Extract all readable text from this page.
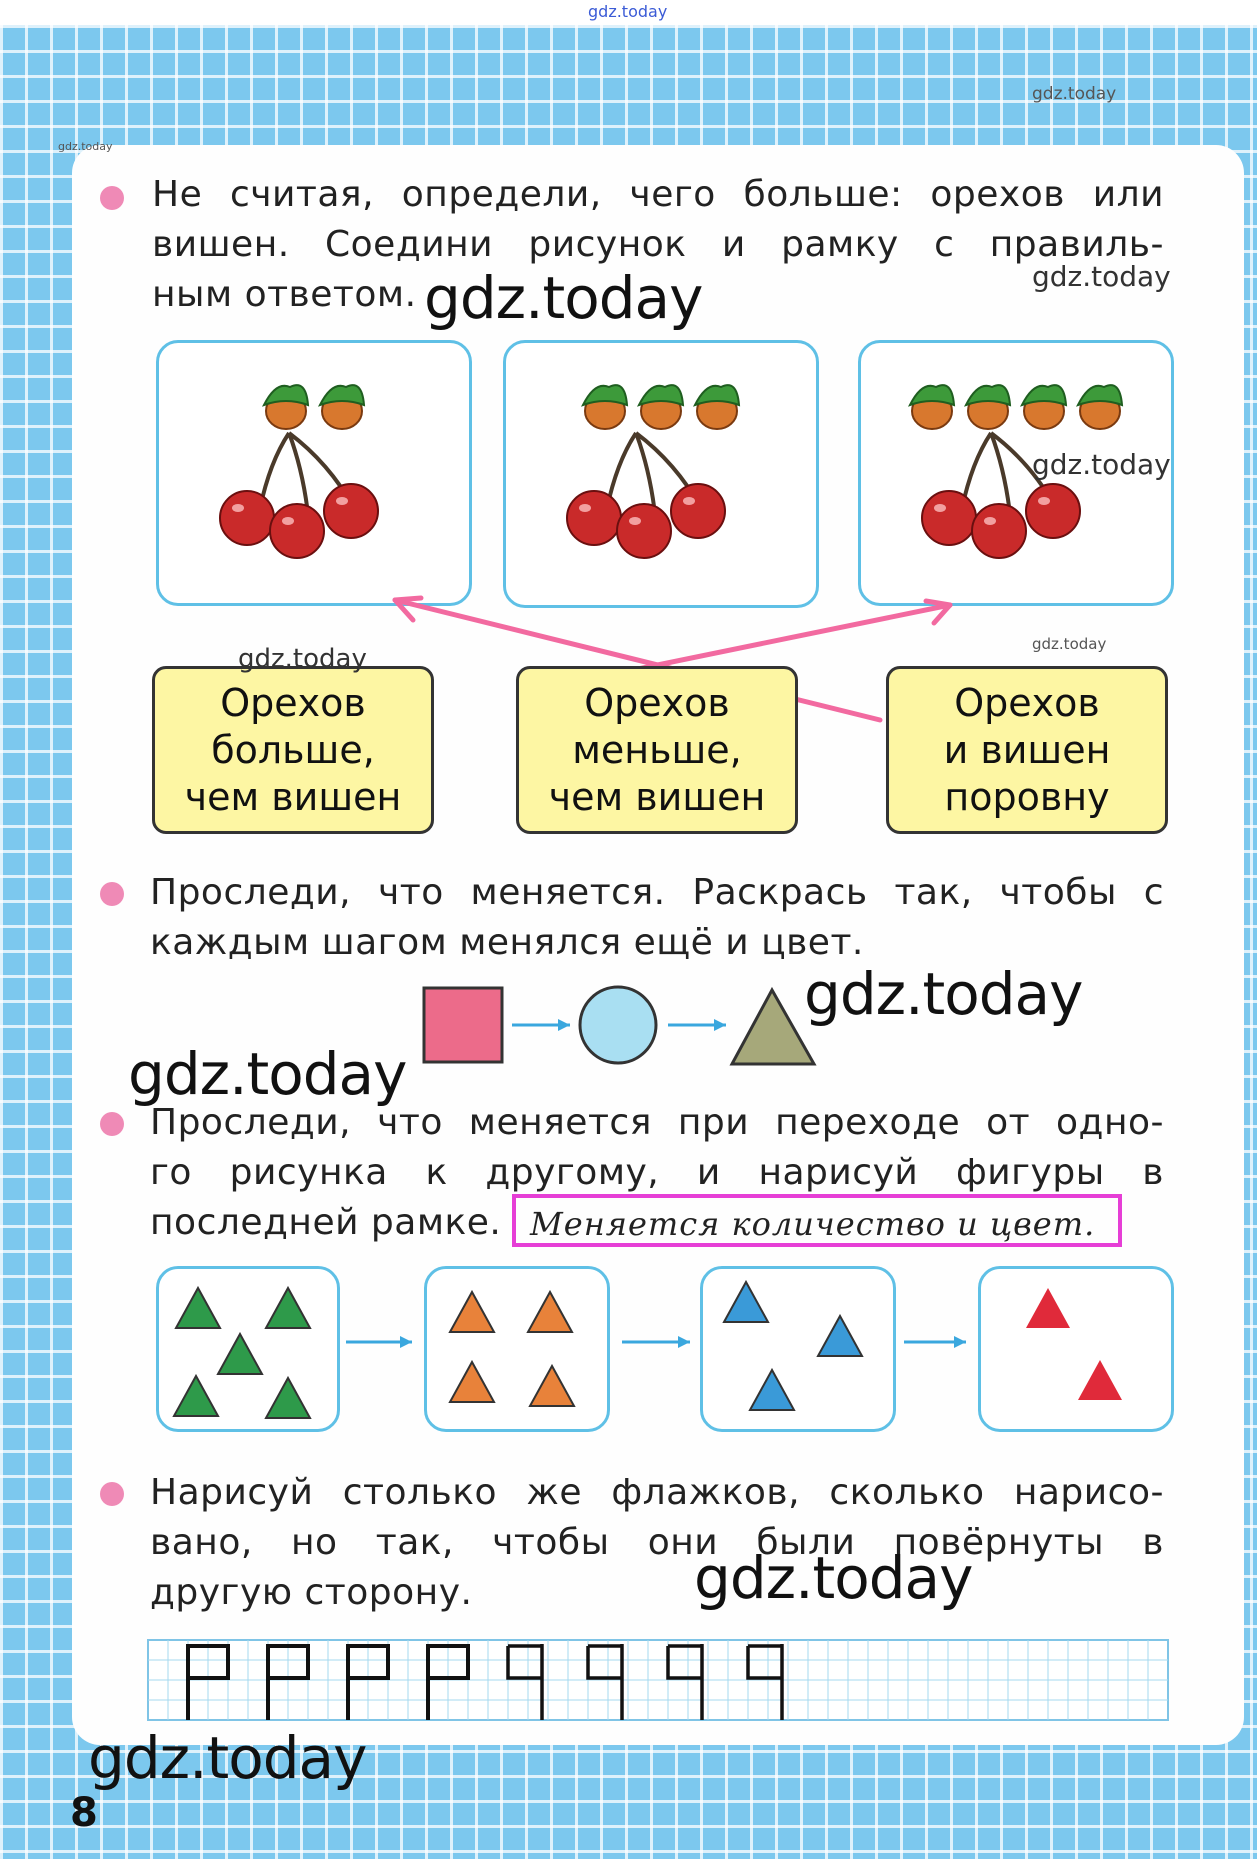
gdz.today
gdz.today
gdz.today
gdz.today

Не считая, определи, чего больше: орехов или

вишен. Соедини рисунок и рамку с правиль-

ным ответом. gdz.today	gdz.today
gdz.today
Орехов
больше,
чем вишен
Орехов
меньше,
чем вишен
Орехов
и вишен
поровну
gdz.today

Проследи, что меняется. Раскрась так, чтобы с

каждым шагом менялся ещё и цвет.

gdz.today
gdz.today

Проследи, что меняется при переходе от одно-

го рисунка к другому, и нарисуй фигуры в

последней рамке. Меняется количество и цвет.

Нарисуй столько же флажков, сколько нарисо-

вано, но так, чтобы они были повёрнуты в

другую сторону.	gdz.today
gdz.today
8
